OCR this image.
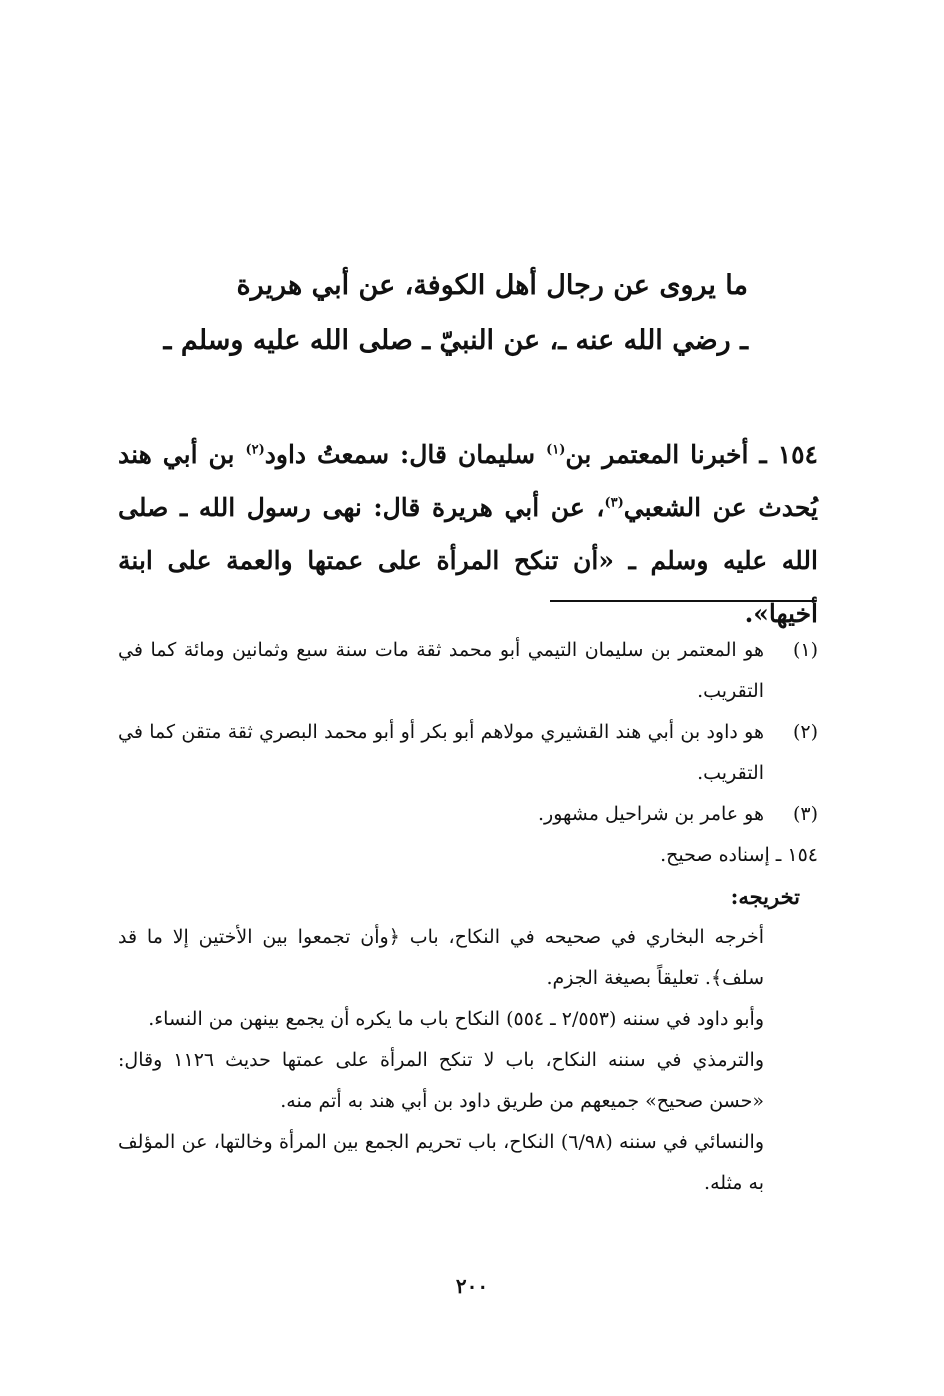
ما يروى عن رجال أهل الكوفة، عن أبي هريرة
ـ رضي الله عنه ـ، عن النبيّ ـ صلى الله عليه وسلم ـ
١٥٤ ـ أخبرنا المعتمر بن$^{(١)}$ سليمان قال: سمعتُ داود$^{(٢)}$ بن أبي هند يُحدث عن الشعبي$^{(٣)}$، عن أبي هريرة قال: نهى رسول الله ـ صلى الله عليه وسلم ـ «أن تنكح المرأة على عمتها والعمة على ابنة أخيها».
(١)
هو المعتمر بن سليمان التيمي أبو محمد ثقة مات سنة سبع وثمانين ومائة كما في التقريب.
(٢)
هو داود بن أبي هند القشيري مولاهم أبو بكر أو أبو محمد البصري ثقة متقن كما في التقريب.
(٣)
هو عامر بن شراحيل مشهور.
١٥٤ ـ إسناده صحيح.
تخريجه:
أخرجه البخاري في صحيحه في النكاح، باب ﴿وأن تجمعوا بين الأختين إلا ما قد سلف﴾. تعليقاً بصيغة الجزم.
وأبو داود في سننه (٢/٥٥٣ ـ ٥٥٤) النكاح باب ما يكره أن يجمع بينهن من النساء.
والترمذي في سننه النكاح، باب لا تنكح المرأة على عمتها حديث ١١٢٦ وقال: «حسن صحيح» جميعهم من طريق داود بن أبي هند به أتم منه.
والنسائي في سننه (٦/٩٨) النكاح، باب تحريم الجمع بين المرأة وخالتها، عن المؤلف به مثله.
٢٠٠
